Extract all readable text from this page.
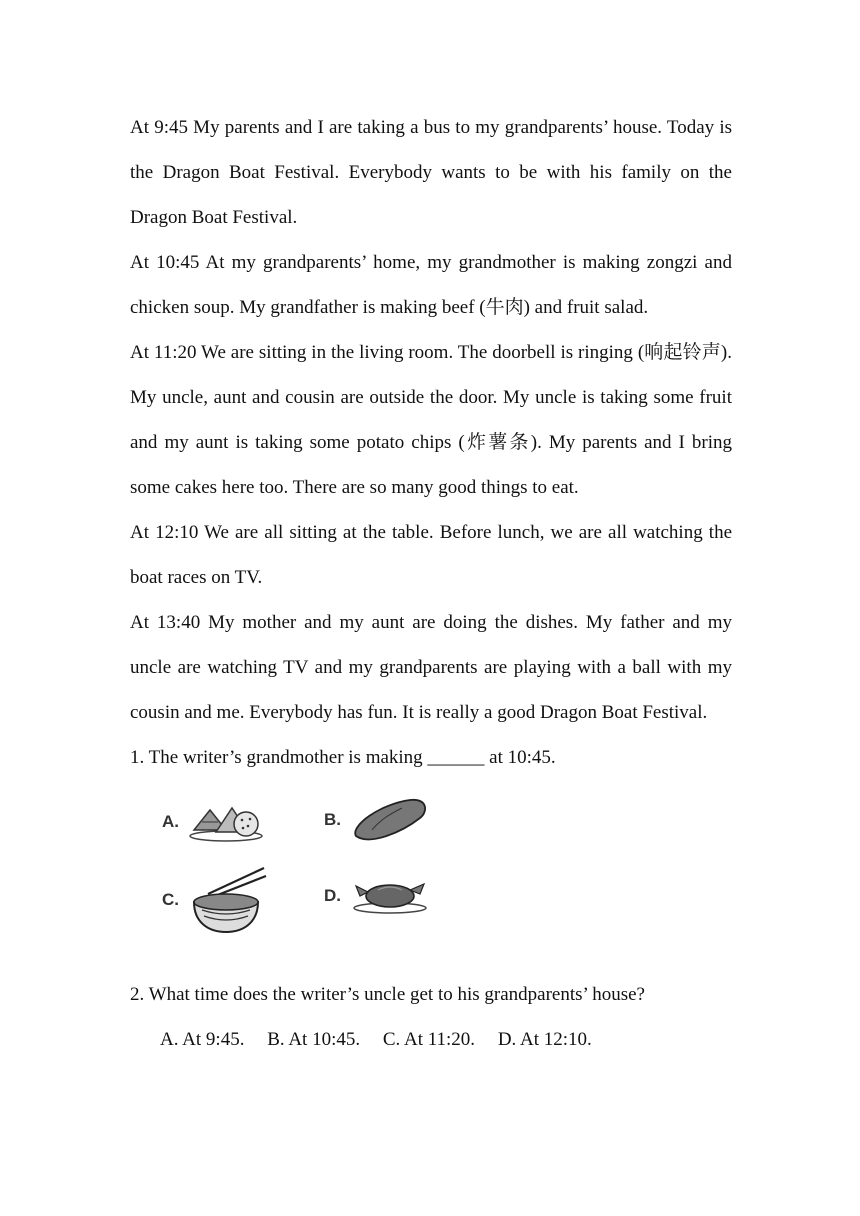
At 9:45 My parents and I are taking a bus to my grandparents’ house. Today is the Dragon Boat Festival. Everybody wants to be with his family on the Dragon Boat Festival.

At 10:45 At my grandparents’ home, my grandmother is making zongzi and chicken soup. My grandfather is making beef (牛肉) and fruit salad.

At 11:20 We are sitting in the living room. The doorbell is ringing (响起铃声). My uncle, aunt and cousin are outside the door. My uncle is taking some fruit and my aunt is taking some potato chips (炸薯条). My parents and I bring some cakes here too. There are so many good things to eat.

At 12:10 We are all sitting at the table. Before lunch, we are all watching the boat races on TV.

At 13:40 My mother and my aunt are doing the dishes. My father and my uncle are watching TV and my grandparents are playing with a ball with my cousin and me. Everybody has fun. It is really a good Dragon Boat Festival.

1. The writer’s grandmother is making ______ at 10:45.

A.	B.
C.	D.

2. What time does the writer’s uncle get to his grandparents’ house?

A. At 9:45. B. At 10:45. C. At 11:20. D. At 12:10.
